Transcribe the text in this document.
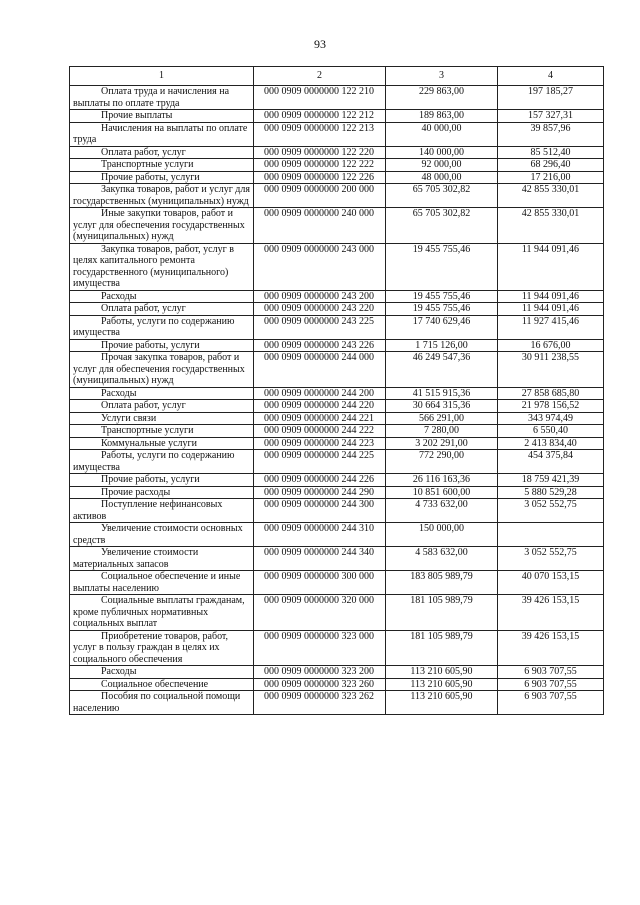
93
1	2	3	4

Оплата труда и начисления на выплаты по оплате труда	000 0909 0000000 122 210	229 863,00	197 185,27

Прочие выплаты	000 0909 0000000 122 212	189 863,00	157 327,31

Начисления на выплаты по оплате труда	000 0909 0000000 122 213	40 000,00	39 857,96

Оплата работ, услуг	000 0909 0000000 122 220	140 000,00	85 512,40

Транспортные услуги	000 0909 0000000 122 222	92 000,00	68 296,40

Прочие работы, услуги	000 0909 0000000 122 226	48 000,00	17 216,00

Закупка товаров, работ и услуг для государственных (муниципальных) нужд	000 0909 0000000 200 000	65 705 302,82	42 855 330,01

Иные закупки товаров, работ и услуг для обеспечения государственных (муниципальных) нужд	000 0909 0000000 240 000	65 705 302,82	42 855 330,01

Закупка товаров, работ, услуг в целях капитального ремонта государственного (муниципального) имущества	000 0909 0000000 243 000	19 455 755,46	11 944 091,46

Расходы	000 0909 0000000 243 200	19 455 755,46	11 944 091,46

Оплата работ, услуг	000 0909 0000000 243 220	19 455 755,46	11 944 091,46

Работы, услуги по содержанию имущества	000 0909 0000000 243 225	17 740 629,46	11 927 415,46

Прочие работы, услуги	000 0909 0000000 243 226	1 715 126,00	16 676,00

Прочая закупка товаров, работ и услуг для обеспечения государственных (муниципальных) нужд	000 0909 0000000 244 000	46 249 547,36	30 911 238,55

Расходы	000 0909 0000000 244 200	41 515 915,36	27 858 685,80

Оплата работ, услуг	000 0909 0000000 244 220	30 664 315,36	21 978 156,52

Услуги связи	000 0909 0000000 244 221	566 291,00	343 974,49

Транспортные услуги	000 0909 0000000 244 222	7 280,00	6 550,40

Коммунальные услуги	000 0909 0000000 244 223	3 202 291,00	2 413 834,40

Работы, услуги по содержанию имущества	000 0909 0000000 244 225	772 290,00	454 375,84

Прочие работы, услуги	000 0909 0000000 244 226	26 116 163,36	18 759 421,39

Прочие расходы	000 0909 0000000 244 290	10 851 600,00	5 880 529,28

Поступление нефинансовых активов	000 0909 0000000 244 300	4 733 632,00	3 052 552,75

Увеличение стоимости основных средств	000 0909 0000000 244 310	150 000,00	

Увеличение стоимости материальных запасов	000 0909 0000000 244 340	4 583 632,00	3 052 552,75

Социальное обеспечение и иные выплаты населению	000 0909 0000000 300 000	183 805 989,79	40 070 153,15

Социальные выплаты гражданам, кроме публичных нормативных социальных выплат	000 0909 0000000 320 000	181 105 989,79	39 426 153,15

Приобретение товаров, работ, услуг в пользу граждан в целях их социального обеспечения	000 0909 0000000 323 000	181 105 989,79	39 426 153,15

Расходы	000 0909 0000000 323 200	113 210 605,90	6 903 707,55

Социальное обеспечение	000 0909 0000000 323 260	113 210 605,90	6 903 707,55

Пособия по социальной помощи населению	000 0909 0000000 323 262	113 210 605,90	6 903 707,55
